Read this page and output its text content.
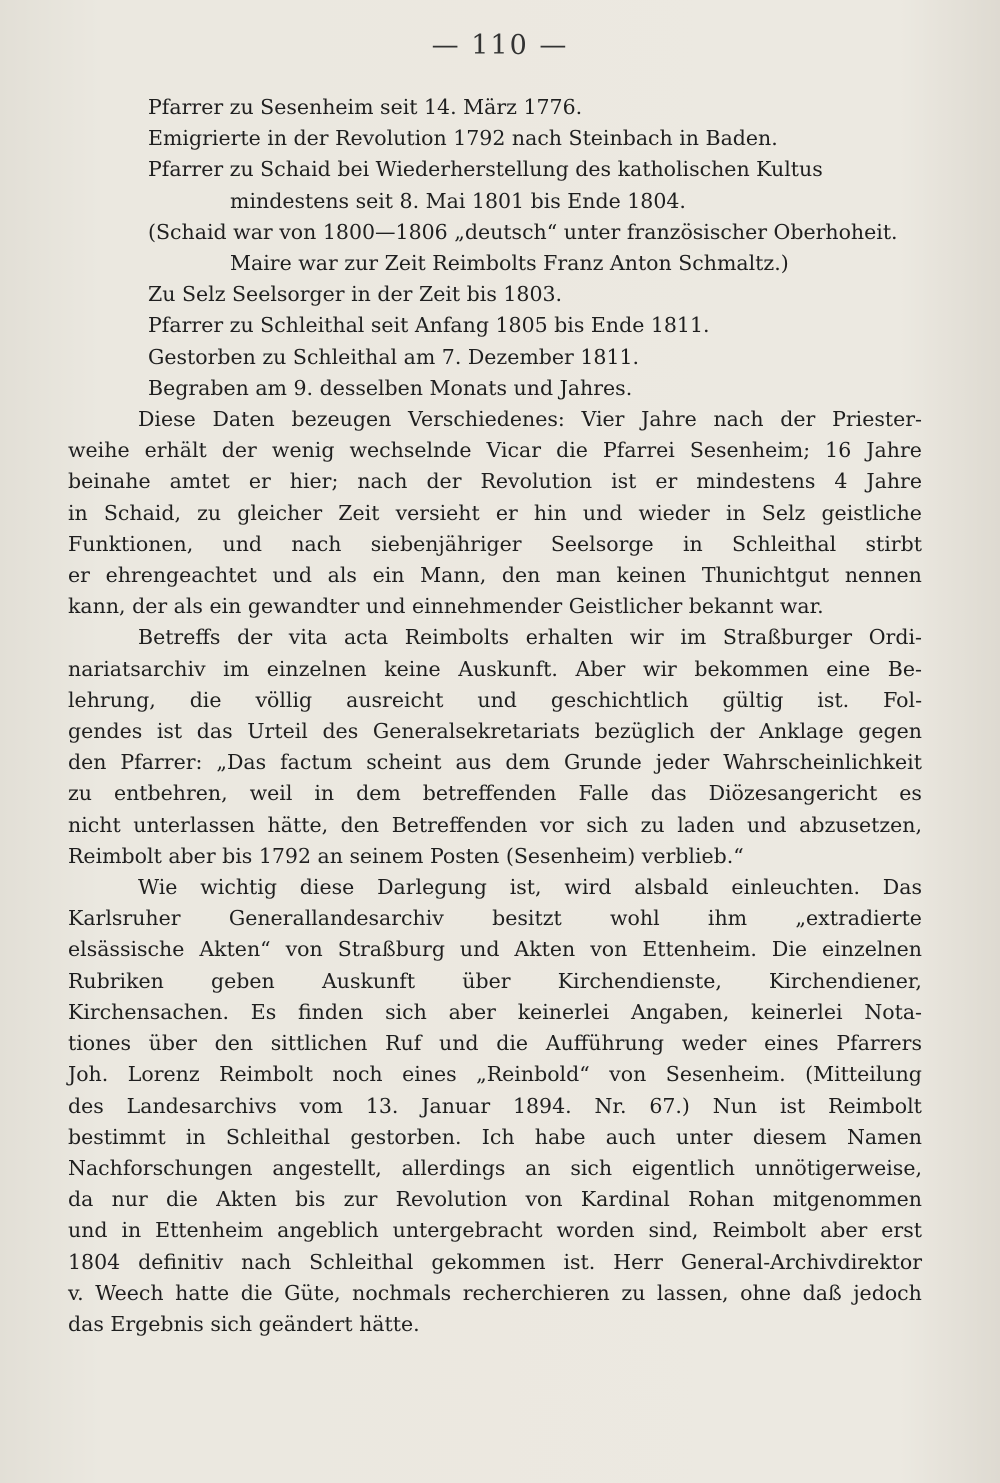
— 110 —
Pfarrer zu Sesenheim seit 14. März 1776.
Emigrierte in der Revolution 1792 nach Steinbach in Baden.
Pfarrer zu Schaid bei Wiederherstellung des katholischen Kultus
mindestens seit 8. Mai 1801 bis Ende 1804.
(Schaid war von 1800—1806 „deutsch“ unter französischer Oberhoheit.
Maire war zur Zeit Reimbolts Franz Anton Schmaltz.)
Zu Selz Seelsorger in der Zeit bis 1803.
Pfarrer zu Schleithal seit Anfang 1805 bis Ende 1811.
Gestorben zu Schleithal am 7. Dezember 1811.
Begraben am 9. desselben Monats und Jahres.
Diese Daten bezeugen Verschiedenes: Vier Jahre nach der Priester-
weihe erhält der wenig wechselnde Vicar die Pfarrei Sesenheim; 16 Jahre
beinahe amtet er hier; nach der Revolution ist er mindestens 4 Jahre
in Schaid, zu gleicher Zeit versieht er hin und wieder in Selz geistliche
Funktionen, und nach siebenjähriger Seelsorge in Schleithal stirbt
er ehrengeachtet und als ein Mann, den man keinen Thunichtgut nennen
kann, der als ein gewandter und einnehmender Geistlicher bekannt war.
Betreffs der vita acta Reimbolts erhalten wir im Straßburger Ordi-
nariatsarchiv im einzelnen keine Auskunft. Aber wir bekommen eine Be-
lehrung, die völlig ausreicht und geschichtlich gültig ist. Fol-
gendes ist das Urteil des Generalsekretariats bezüglich der Anklage gegen
den Pfarrer: „Das factum scheint aus dem Grunde jeder Wahrscheinlichkeit
zu entbehren, weil in dem betreffenden Falle das Diözesangericht es
nicht unterlassen hätte, den Betreffenden vor sich zu laden und abzusetzen,
Reimbolt aber bis 1792 an seinem Posten (Sesenheim) verblieb.“
Wie wichtig diese Darlegung ist, wird alsbald einleuchten. Das
Karlsruher Generallandesarchiv besitzt wohl ihm „extradierte
elsässische Akten“ von Straßburg und Akten von Ettenheim. Die einzelnen
Rubriken geben Auskunft über Kirchendienste, Kirchendiener,
Kirchensachen. Es finden sich aber keinerlei Angaben, keinerlei Nota-
tiones über den sittlichen Ruf und die Aufführung weder eines Pfarrers
Joh. Lorenz Reimbolt noch eines „Reinbold“ von Sesenheim. (Mitteilung
des Landesarchivs vom 13. Januar 1894. Nr. 67.) Nun ist Reimbolt
bestimmt in Schleithal gestorben. Ich habe auch unter diesem Namen
Nachforschungen angestellt, allerdings an sich eigentlich unnötigerweise,
da nur die Akten bis zur Revolution von Kardinal Rohan mitgenommen
und in Ettenheim angeblich untergebracht worden sind, Reimbolt aber erst
1804 definitiv nach Schleithal gekommen ist. Herr General-Archivdirektor
v. Weech hatte die Güte, nochmals recherchieren zu lassen, ohne daß jedoch
das Ergebnis sich geändert hätte.
